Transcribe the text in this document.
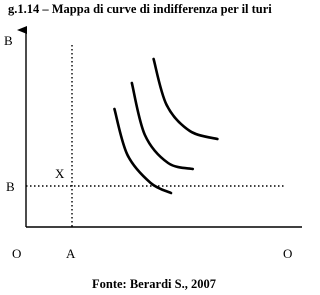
g.1.14 – Mappa di curve di indifferenza per il turi
B
X
B
O	A	O
Fonte: Berardi S., 2007
